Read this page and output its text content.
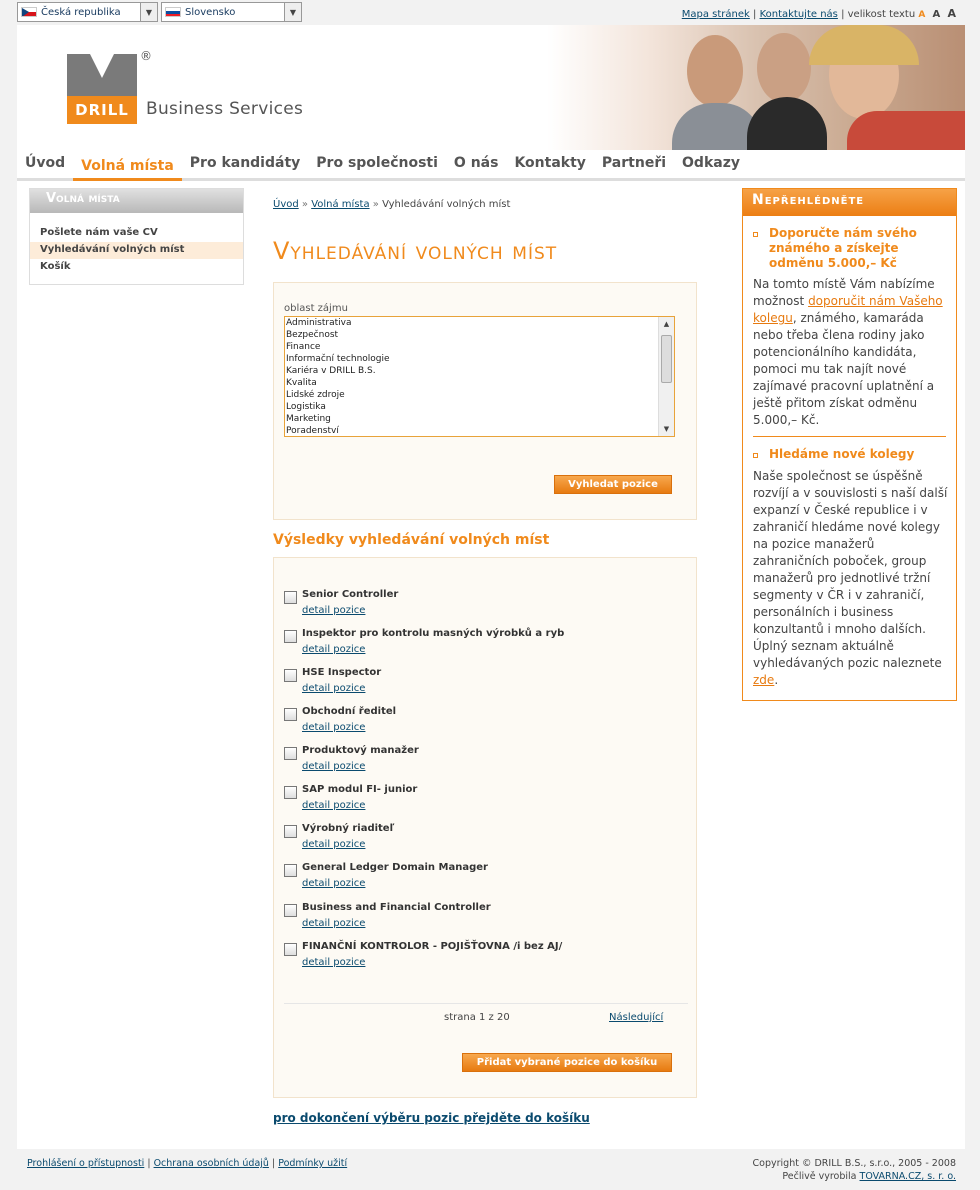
Česká republika	▼	Slovensko	▼	Mapa stránek | Kontaktujte nás | velikost textu A A A
DRILL
®
Business Services
Úvod	Volná místa	Pro kandidáty	Pro společnosti	O nás	Kontakty	Partneři	Odkazy
Volná místa
Pošlete nám vaše CV
Vyhledávání volných míst
Košík
Úvod » Volná místa » Vyhledávání volných míst
Vyhledávání volných míst
oblast zájmu
Administrativa
Bezpečnost
Finance
Informační technologie
Kariéra v DRILL B.S.
Kvalita
Lidské zdroje
Logistika
Marketing
Poradenství
▲
▼
Vyhledat pozice
Výsledky vyhledávání volných míst
Senior Controller
detail pozice
Inspektor pro kontrolu masných výrobků a ryb
detail pozice
HSE Inspector
detail pozice
Obchodní ředitel
detail pozice
Produktový manažer
detail pozice
SAP modul FI- junior
detail pozice
Výrobný riaditeľ
detail pozice
General Ledger Domain Manager
detail pozice
Business and Financial Controller
detail pozice
FINANČNÍ KONTROLOR - POJIŠŤOVNA /i bez AJ/
detail pozice
strana 1 z 20	Následující
Přidat vybrané pozice do košíku
pro dokončení výběru pozic přejděte do košíku
Nepřehlédněte
Doporučte nám svého známého a získejte odměnu 5.000,– Kč
Na tomto místě Vám nabízíme možnost doporučit nám Vašeho kolegu, známého, kamaráda nebo třeba člena rodiny jako potencionálního kandidáta, pomoci mu tak najít nové zajímavé pracovní uplatnění a ještě přitom získat odměnu 5.000,– Kč.
Hledáme nové kolegy
Naše společnost se úspěšně rozvíjí a v souvislosti s naší další expanzí v České republice i v zahraničí hledáme nové kolegy na pozice manažerů zahraničních poboček, group manažerů pro jednotlivé tržní segmenty v ČR i v zahraničí, personálních i business konzultantů i mnoho dalších. Úplný seznam aktuálně vyhledávaných pozic naleznete zde.
Prohlášení o přístupnosti | Ochrana osobních údajů | Podmínky užití	Copyright © DRILL B.S., s.r.o., 2005 - 2008
Pečlivě vyrobila TOVARNA.CZ, s. r. o.
